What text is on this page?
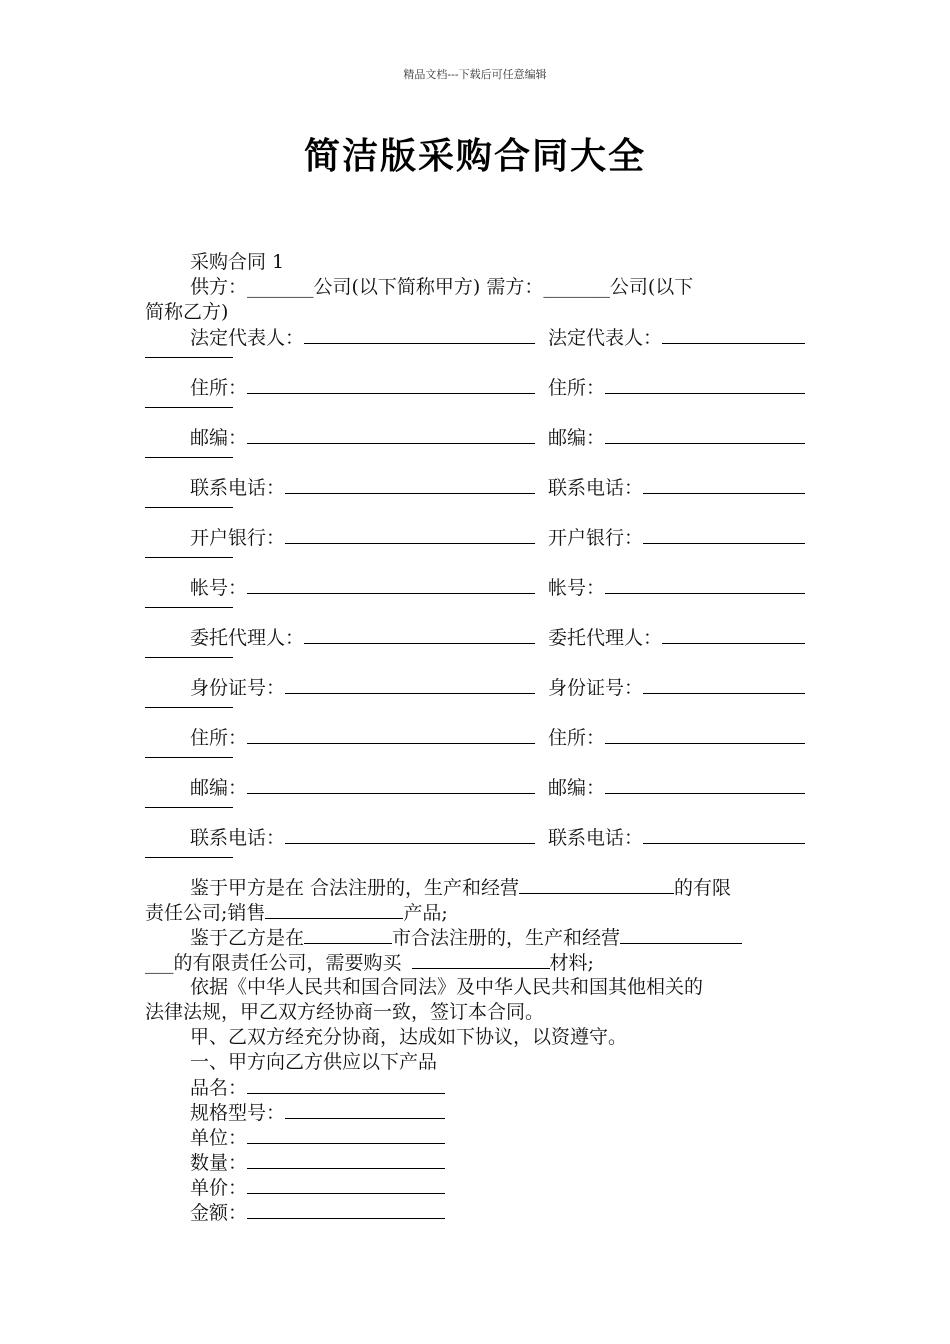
精品文档---下载后可任意编辑
简洁版采购合同大全
采购合同 1
供方：_______公司(以下简称甲方) 需方：_______公司(以下
简称乙方)
法定代表人：	法定代表人：
住所：	住所：
邮编：	邮编：
联系电话：	联系电话：
开户银行：	开户银行：
帐号：	帐号：
委托代理人：	委托代理人：
身份证号：	身份证号：
住所：	住所：
邮编：	邮编：
联系电话：	联系电话：
鉴于甲方是在 合法注册的，生产和经营	的有限
责任公司;销售	产品;
鉴于乙方是在	市合法注册的，生产和经营
___的有限责任公司，需要购买	材料;
依据《中华人民共和国合同法》及中华人民共和国其他相关的
法律法规，甲乙双方经协商一致，签订本合同。
甲、乙双方经充分协商，达成如下协议，以资遵守。
一、甲方向乙方供应以下产品
品名：
规格型号：
单位：
数量：
单价：
金额：
